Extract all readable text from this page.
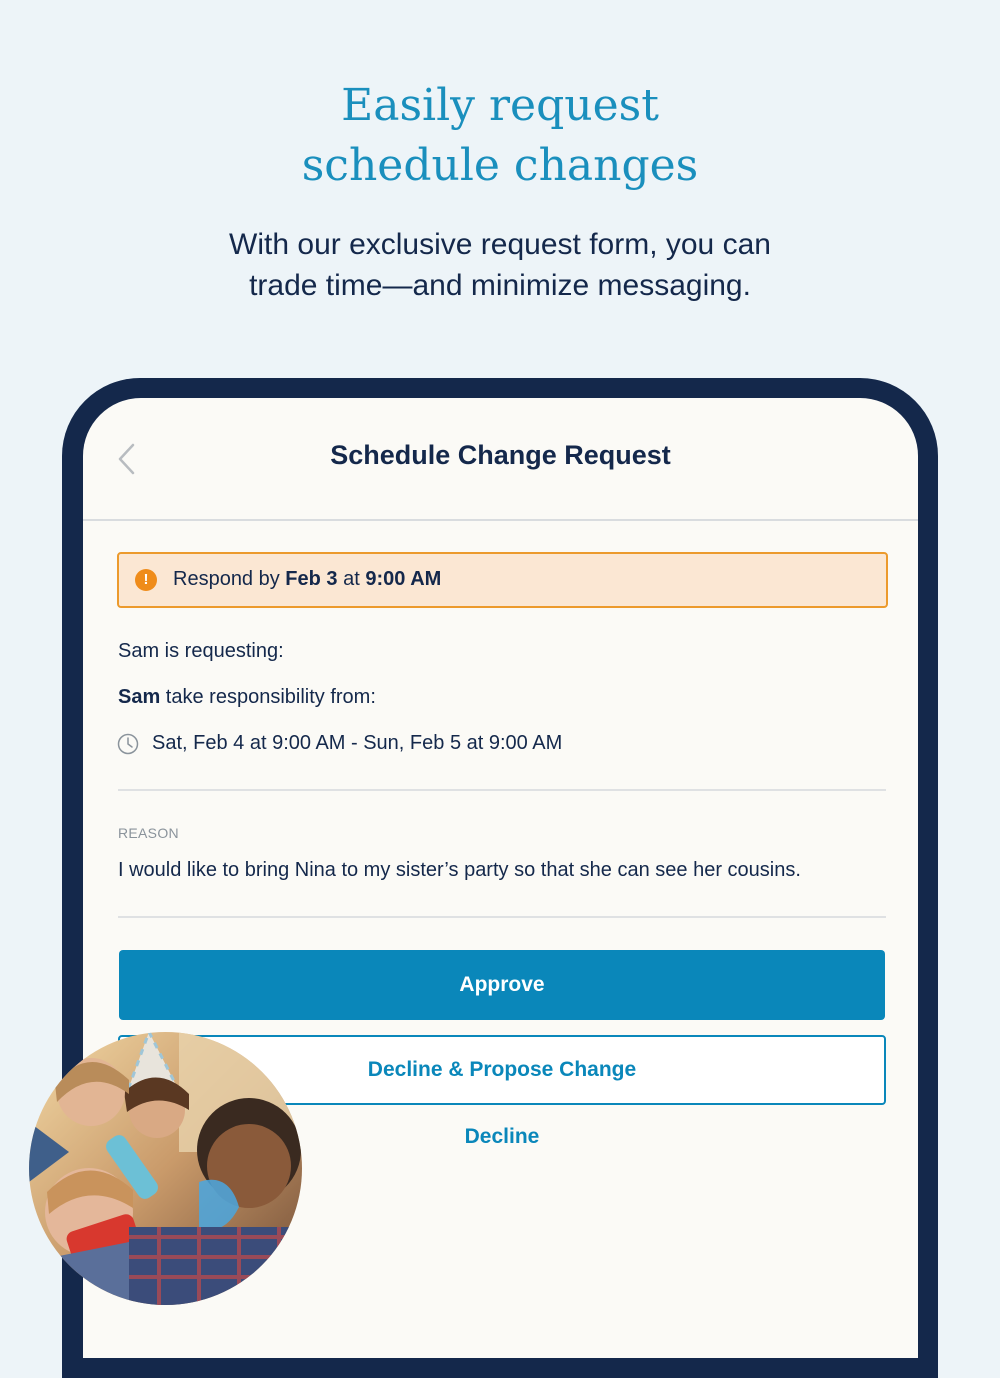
Easily request
schedule changes
With our exclusive request form, you can
trade time—and minimize messaging.
Schedule Change Request
!	Respond by Feb 3 at 9:00 AM
Sam is requesting:
Sam take responsibility from:
Sat, Feb 4 at 9:00 AM - Sun, Feb 5 at 9:00 AM
REASON
I would like to bring Nina to my sister’s party so that she can see her cousins.
Approve
Decline & Propose Change
Decline
